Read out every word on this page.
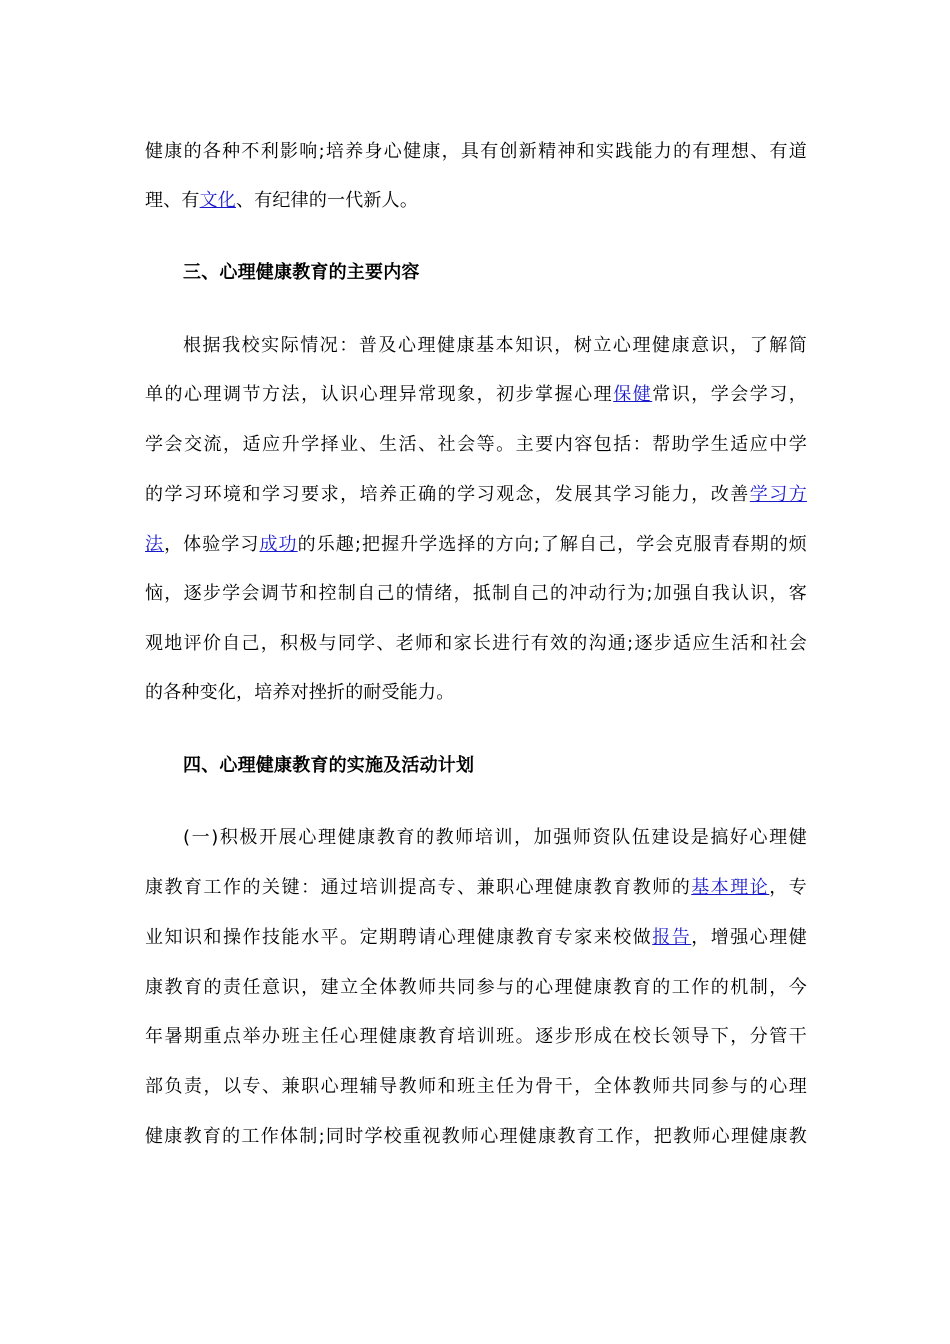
健康的各种不利影响;培养身心健康，具有创新精神和实践能力的有理想、有道
理、有文化、有纪律的一代新人。
三、心理健康教育的主要内容
根据我校实际情况：普及心理健康基本知识，树立心理健康意识，了解简
单的心理调节方法，认识心理异常现象，初步掌握心理保健常识，学会学习，
学会交流，适应升学择业、生活、社会等。主要内容包括：帮助学生适应中学
的学习环境和学习要求，培养正确的学习观念，发展其学习能力，改善学习方
法，体验学习成功的乐趣;把握升学选择的方向;了解自己，学会克服青春期的烦
恼，逐步学会调节和控制自己的情绪，抵制自己的冲动行为;加强自我认识，客
观地评价自己，积极与同学、老师和家长进行有效的沟通;逐步适应生活和社会
的各种变化，培养对挫折的耐受能力。
四、心理健康教育的实施及活动计划
(一)积极开展心理健康教育的教师培训，加强师资队伍建设是搞好心理健
康教育工作的关键：通过培训提高专、兼职心理健康教育教师的基本理论，专
业知识和操作技能水平。定期聘请心理健康教育专家来校做报告，增强心理健
康教育的责任意识，建立全体教师共同参与的心理健康教育的工作的机制，今
年暑期重点举办班主任心理健康教育培训班。逐步形成在校长领导下，分管干
部负责，以专、兼职心理辅导教师和班主任为骨干，全体教师共同参与的心理
健康教育的工作体制;同时学校重视教师心理健康教育工作，把教师心理健康教
